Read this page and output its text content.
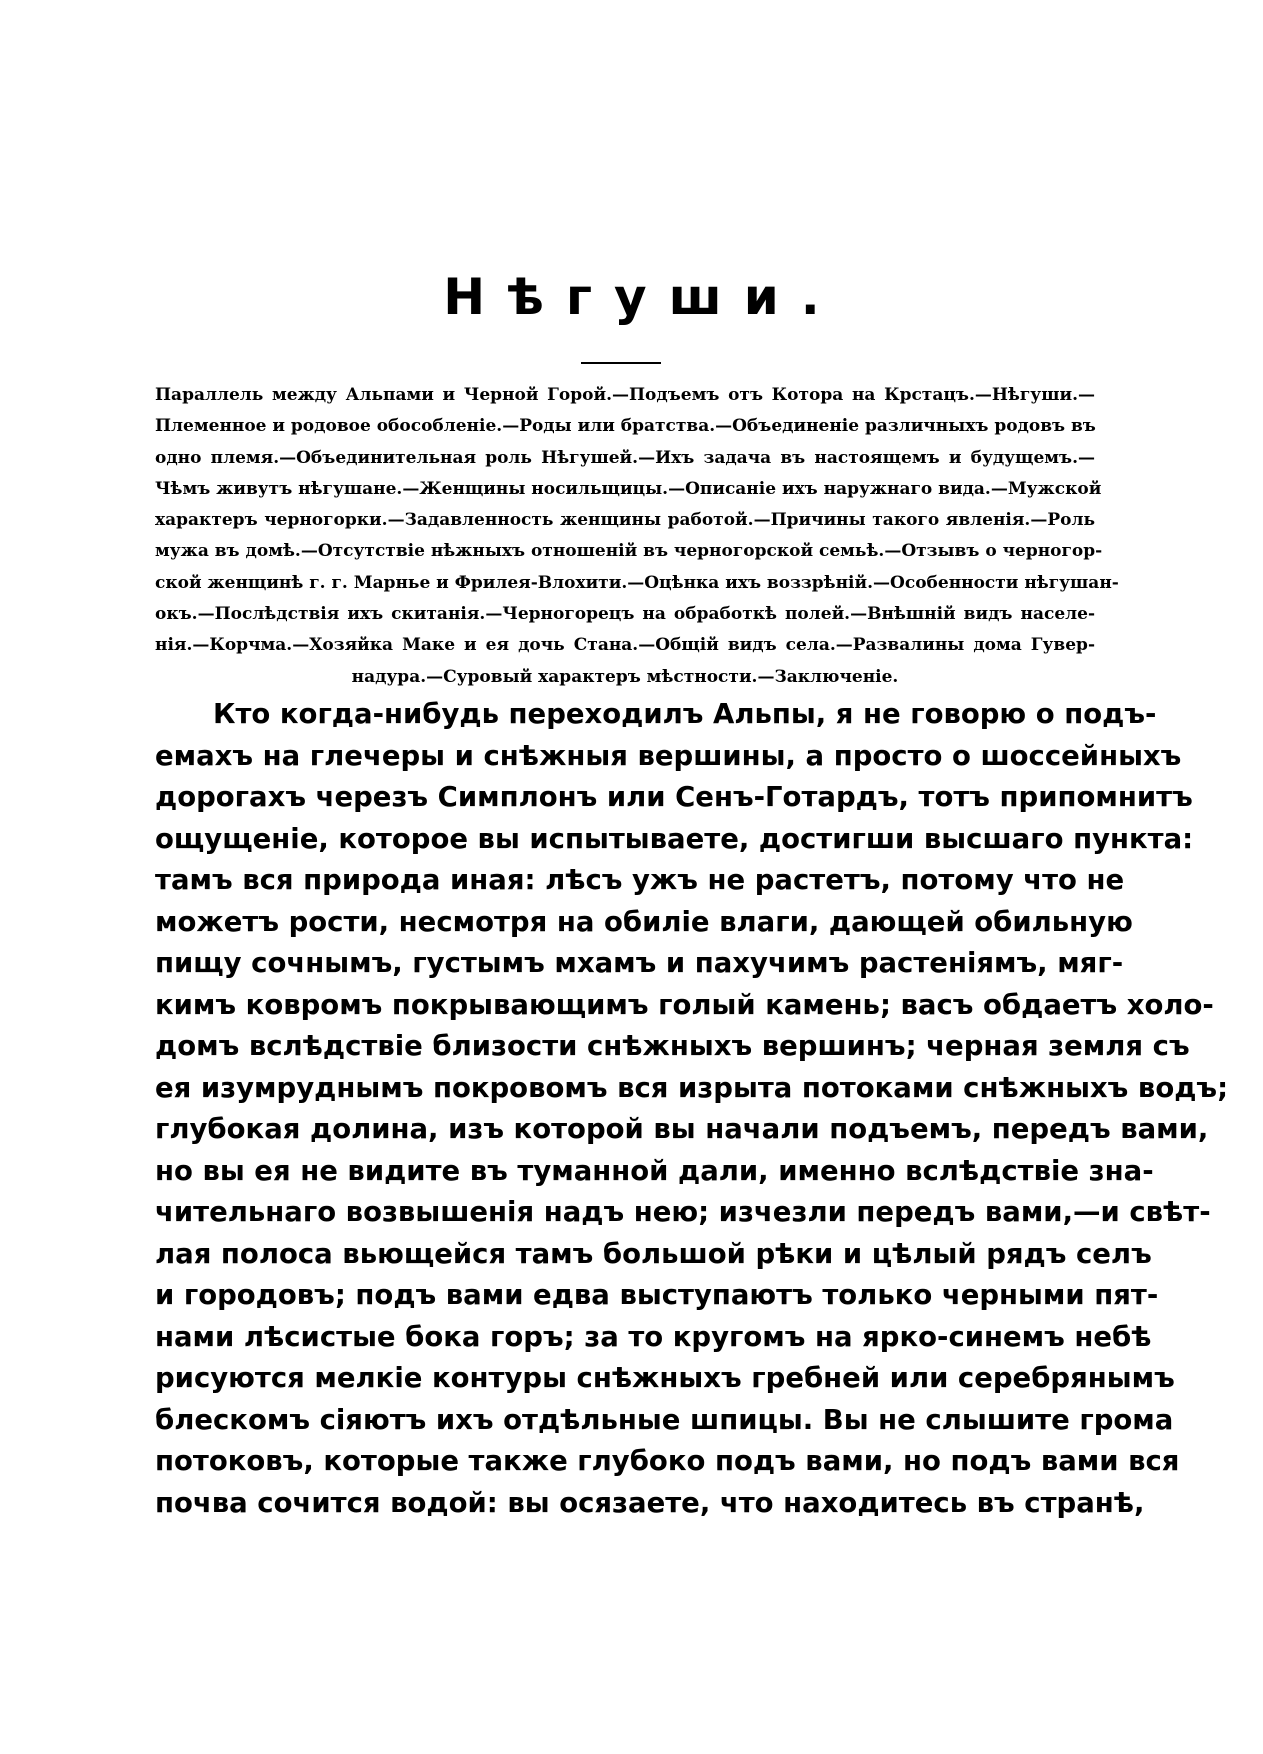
Нѣгуши.
Параллель между Альпами и Черной Горой.—Подъемъ отъ Котора на Крстацъ.—Нѣгуши.—
Племенное и родовое обособленіе.—Роды или братства.—Объединеніе различныхъ родовъ въ
одно племя.—Объединительная роль Нѣгушей.—Ихъ задача въ настоящемъ и будущемъ.—
Чѣмъ живутъ нѣгушане.—Женщины носильщицы.—Описаніе ихъ наружнаго вида.—Мужской
характеръ черногорки.—Задавленность женщины работой.—Причины такого явленія.—Роль
мужа въ домѣ.—Отсутствіе нѣжныхъ отношеній въ черногорской семьѣ.—Отзывъ о черногор-
ской женщинѣ г. г. Марнье и Фрилея-Влохити.—Оцѣнка ихъ воззрѣній.—Особенности нѣгушан-
окъ.—Послѣдствія ихъ скитанія.—Черногорецъ на обработкѣ полей.—Внѣшній видъ населе-
нія.—Корчма.—Хозяйка Маке и ея дочь Стана.—Общій видъ села.—Развалины дома Гувер-
надура.—Суровый характеръ мѣстности.—Заключеніе.
Кто когда-нибудь переходилъ Альпы, я не говорю о подъ-
емахъ на глечеры и снѣжныя вершины, а просто о шоссейныхъ
дорогахъ черезъ Симплонъ или Сенъ-Готардъ, тотъ припомнитъ
ощущеніе, которое вы испытываете, достигши высшаго пункта:
тамъ вся природа иная: лѣсъ ужъ не растетъ, потому что не
можетъ рости, несмотря на обиліе влаги, дающей обильную
пищу сочнымъ, густымъ мхамъ и пахучимъ растеніямъ, мяг-
кимъ ковромъ покрывающимъ голый камень; васъ обдаетъ холо-
домъ вслѣдствіе близости снѣжныхъ вершинъ; черная земля съ
ея изумруднымъ покровомъ вся изрыта потоками снѣжныхъ водъ;
глубокая долина, изъ которой вы начали подъемъ, передъ вами,
но вы ея не видите въ туманной дали, именно вслѣдствіе зна-
чительнаго возвышенія надъ нею; изчезли передъ вами,—и свѣт-
лая полоса вьющейся тамъ большой рѣки и цѣлый рядъ селъ
и городовъ; подъ вами едва выступаютъ только черными пят-
нами лѣсистые бока горъ; за то кругомъ на ярко-синемъ небѣ
рисуются мелкіе контуры снѣжныхъ гребней или серебрянымъ
блескомъ сіяютъ ихъ отдѣльные шпицы. Вы не слышите грома
потоковъ, которые также глубоко подъ вами, но подъ вами вся
почва сочится водой: вы осязаете, что находитесь въ странѣ,
